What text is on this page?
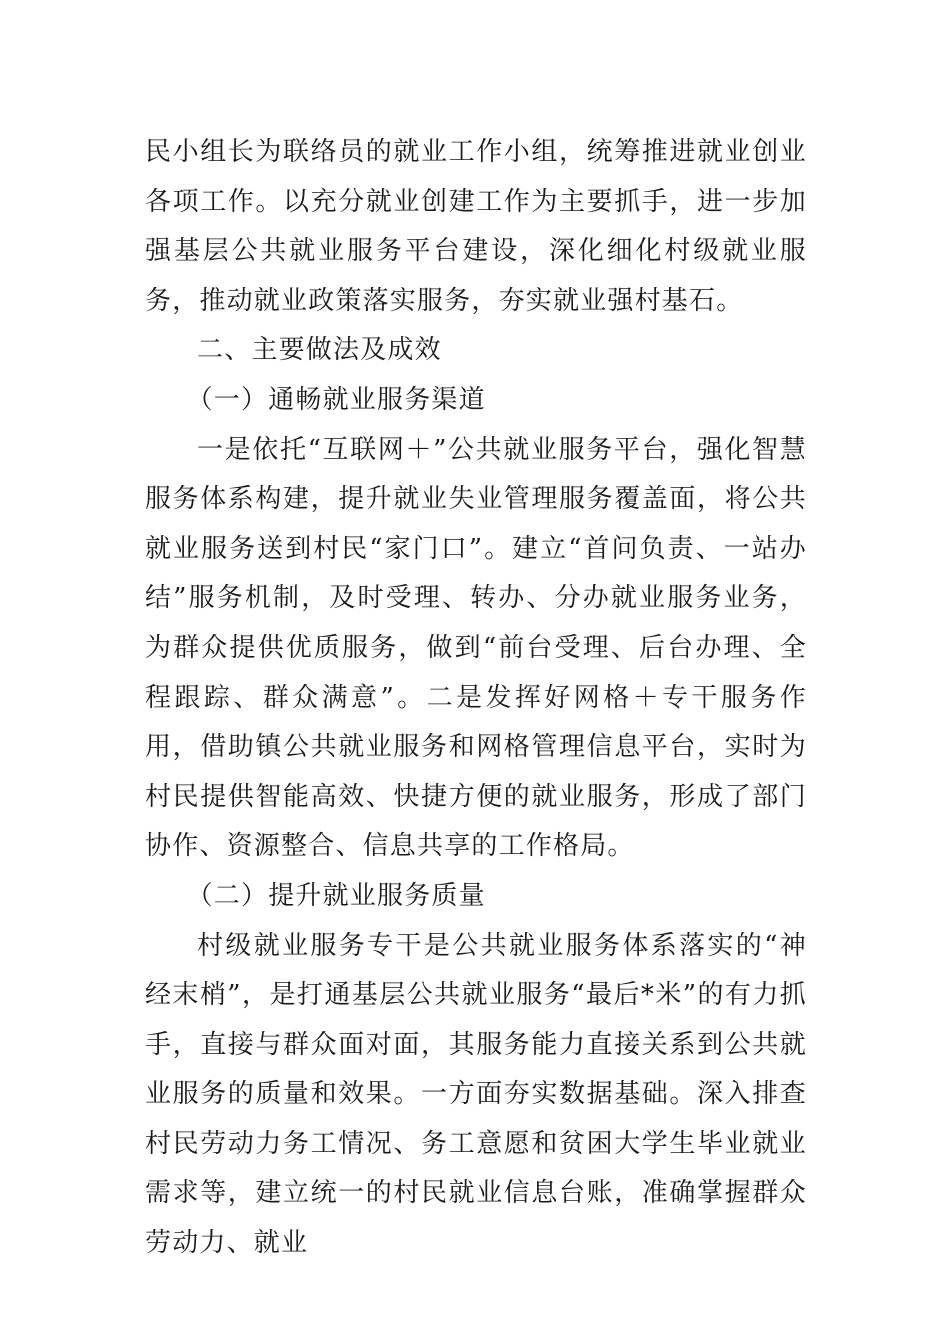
民小组长为联络员的就业工作小组，统筹推进就业创业各项工作。以充分就业创建工作为主要抓手，进一步加强基层公共就业服务平台建设，深化细化村级就业服务，推动就业政策落实服务，夯实就业强村基石。

二、主要做法及成效

（一）通畅就业服务渠道

一是依托“互联网＋”公共就业服务平台，强化智慧服务体系构建，提升就业失业管理服务覆盖面，将公共就业服务送到村民“家门口”。建立“首问负责、一站办结”服务机制，及时受理、转办、分办就业服务业务，为群众提供优质服务，做到“前台受理、后台办理、全程跟踪、群众满意”。二是发挥好网格＋专干服务作用，借助镇公共就业服务和网格管理信息平台，实时为村民提供智能高效、快捷方便的就业服务，形成了部门协作、资源整合、信息共享的工作格局。

（二）提升就业服务质量

村级就业服务专干是公共就业服务体系落实的“神经末梢”，是打通基层公共就业服务“最后*米”的有力抓手，直接与群众面对面，其服务能力直接关系到公共就业服务的质量和效果。一方面夯实数据基础。深入排查村民劳动力务工情况、务工意愿和贫困大学生毕业就业需求等，建立统一的村民就业信息台账，准确掌握群众劳动力、就业
